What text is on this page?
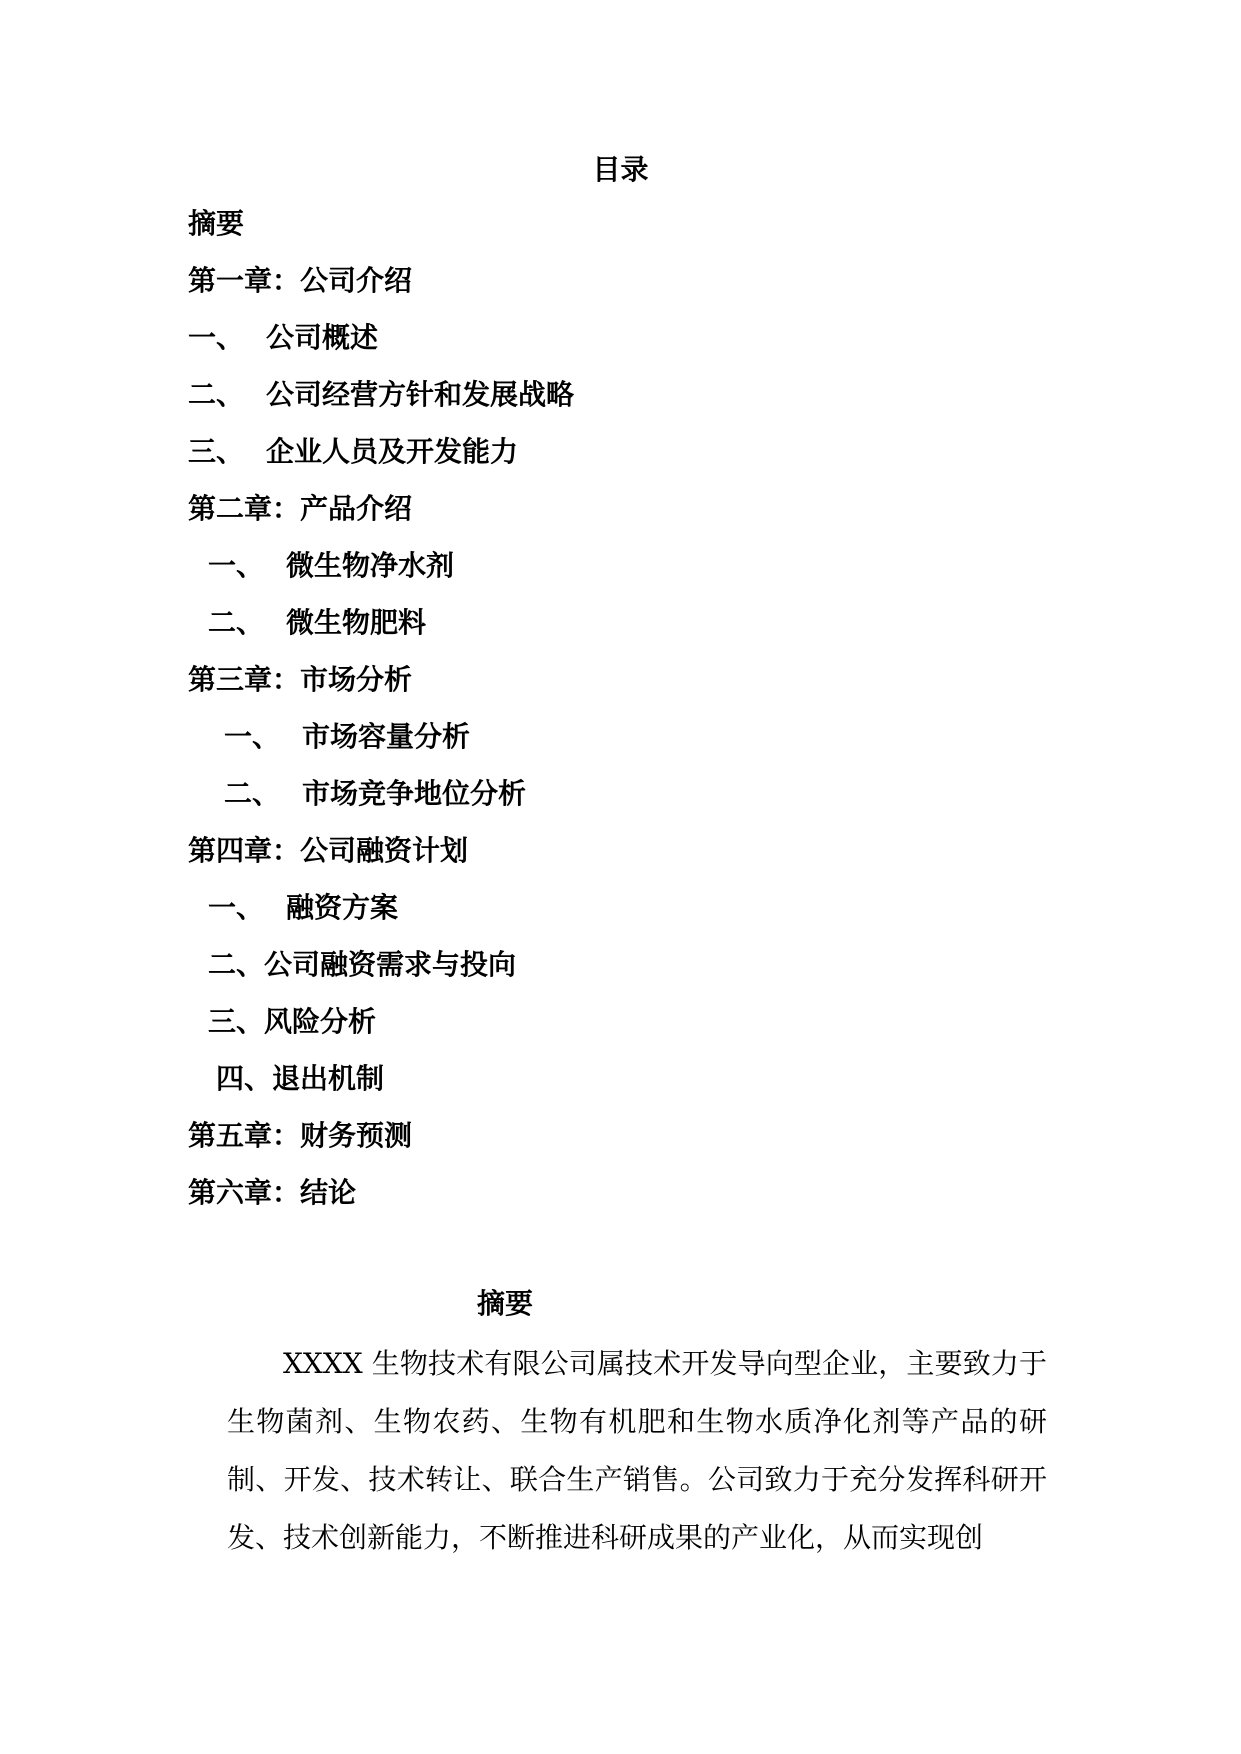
目录
摘要
第一章：公司介绍
一、 公司概述
二、 公司经营方针和发展战略
三、 企业人员及开发能力
第二章：产品介绍
一、 微生物净水剂
二、 微生物肥料
第三章：市场分析
一、 市场容量分析
二、 市场竞争地位分析
第四章：公司融资计划
一、 融资方案
二、公司融资需求与投向
三、风险分析
四、退出机制
第五章：财务预测
第六章：结论
摘要

XXXX 生物技术有限公司属技术开发导向型企业，主要致力于生物菌剂、生物农药、生物有机肥和生物水质净化剂等产品的研制、开发、技术转让、联合生产销售。公司致力于充分发挥科研开发、技术创新能力，不断推进科研成果的产业化，从而实现创
